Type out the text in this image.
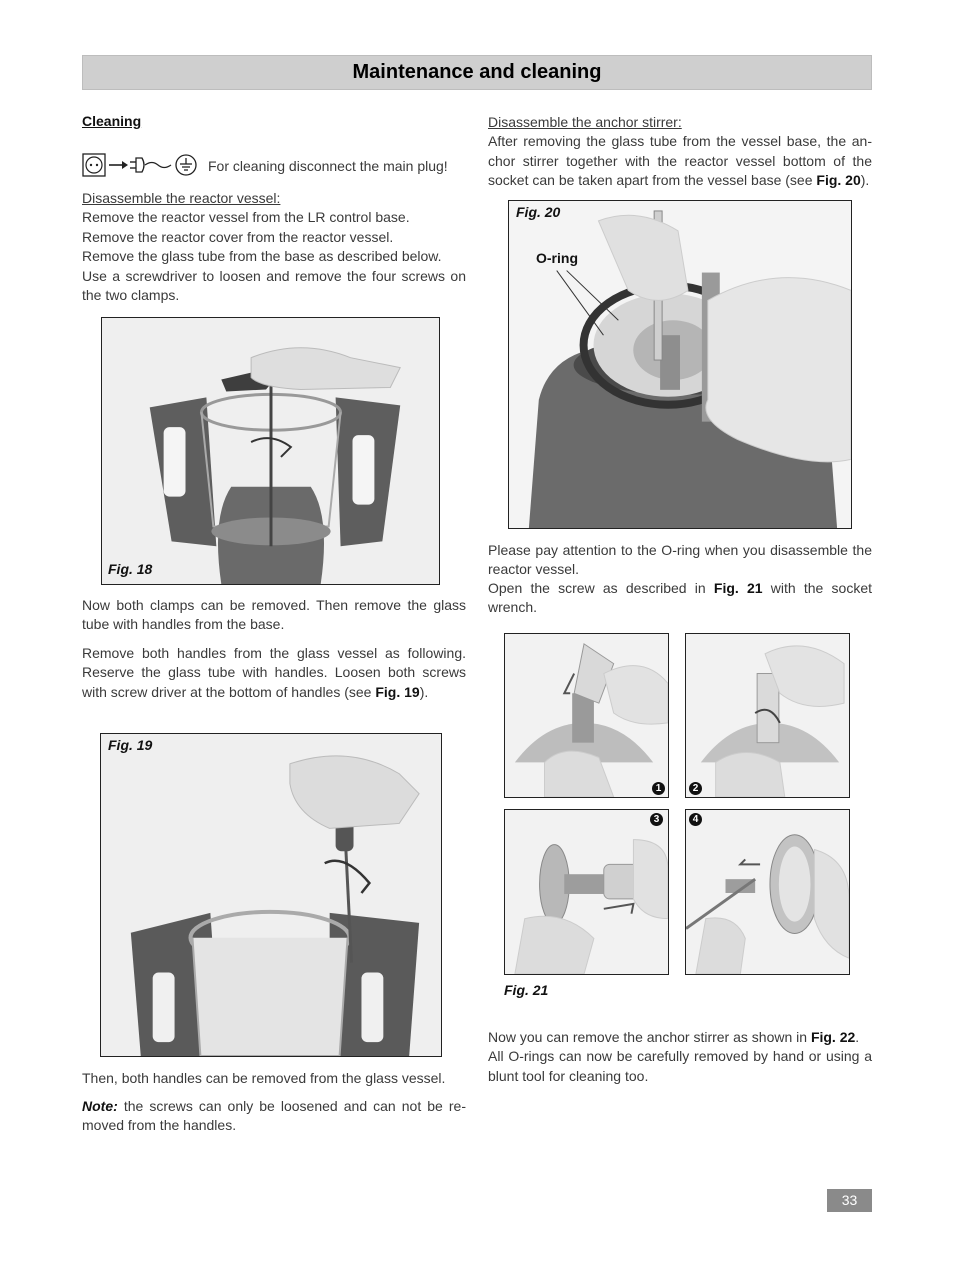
Maintenance and cleaning

Cleaning

For cleaning disconnect the main plug!

Disassemble the reactor vessel:

Remove the reactor vessel from the LR control base.

Remove the reactor cover from the reactor vessel.

Remove the glass tube from the base as described below.

Use a screwdriver to loosen and remove the four screws on the two clamps.

Fig. 18
Now both clamps can be removed. Then remove the glass tube with handles from the base.
Remove both handles from the glass vessel as following. Reserve the glass tube with handles. Loosen both screws with screw driver at the bottom of handles (see Fig. 19).
Fig. 19
Then, both handles can be removed from the glass vessel.
Note: the screws can only be loosened and can not be re-moved from the handles.

Disassemble the anchor stirrer:

After removing the glass tube from the vessel base, the an-chor stirrer together with the reactor vessel bottom of the socket can be taken apart from the vessel base (see Fig. 20).

Fig. 20
O-ring
Please pay attention to the O-ring when you disassemble the reactor vessel.
Open the screw as described in Fig. 21 with the socket wrench.
1	2
3	4
Fig. 21
Now you can remove the anchor stirrer as shown in Fig. 22.
All O-rings can now be carefully removed by hand or using a blunt tool for cleaning too.
33
